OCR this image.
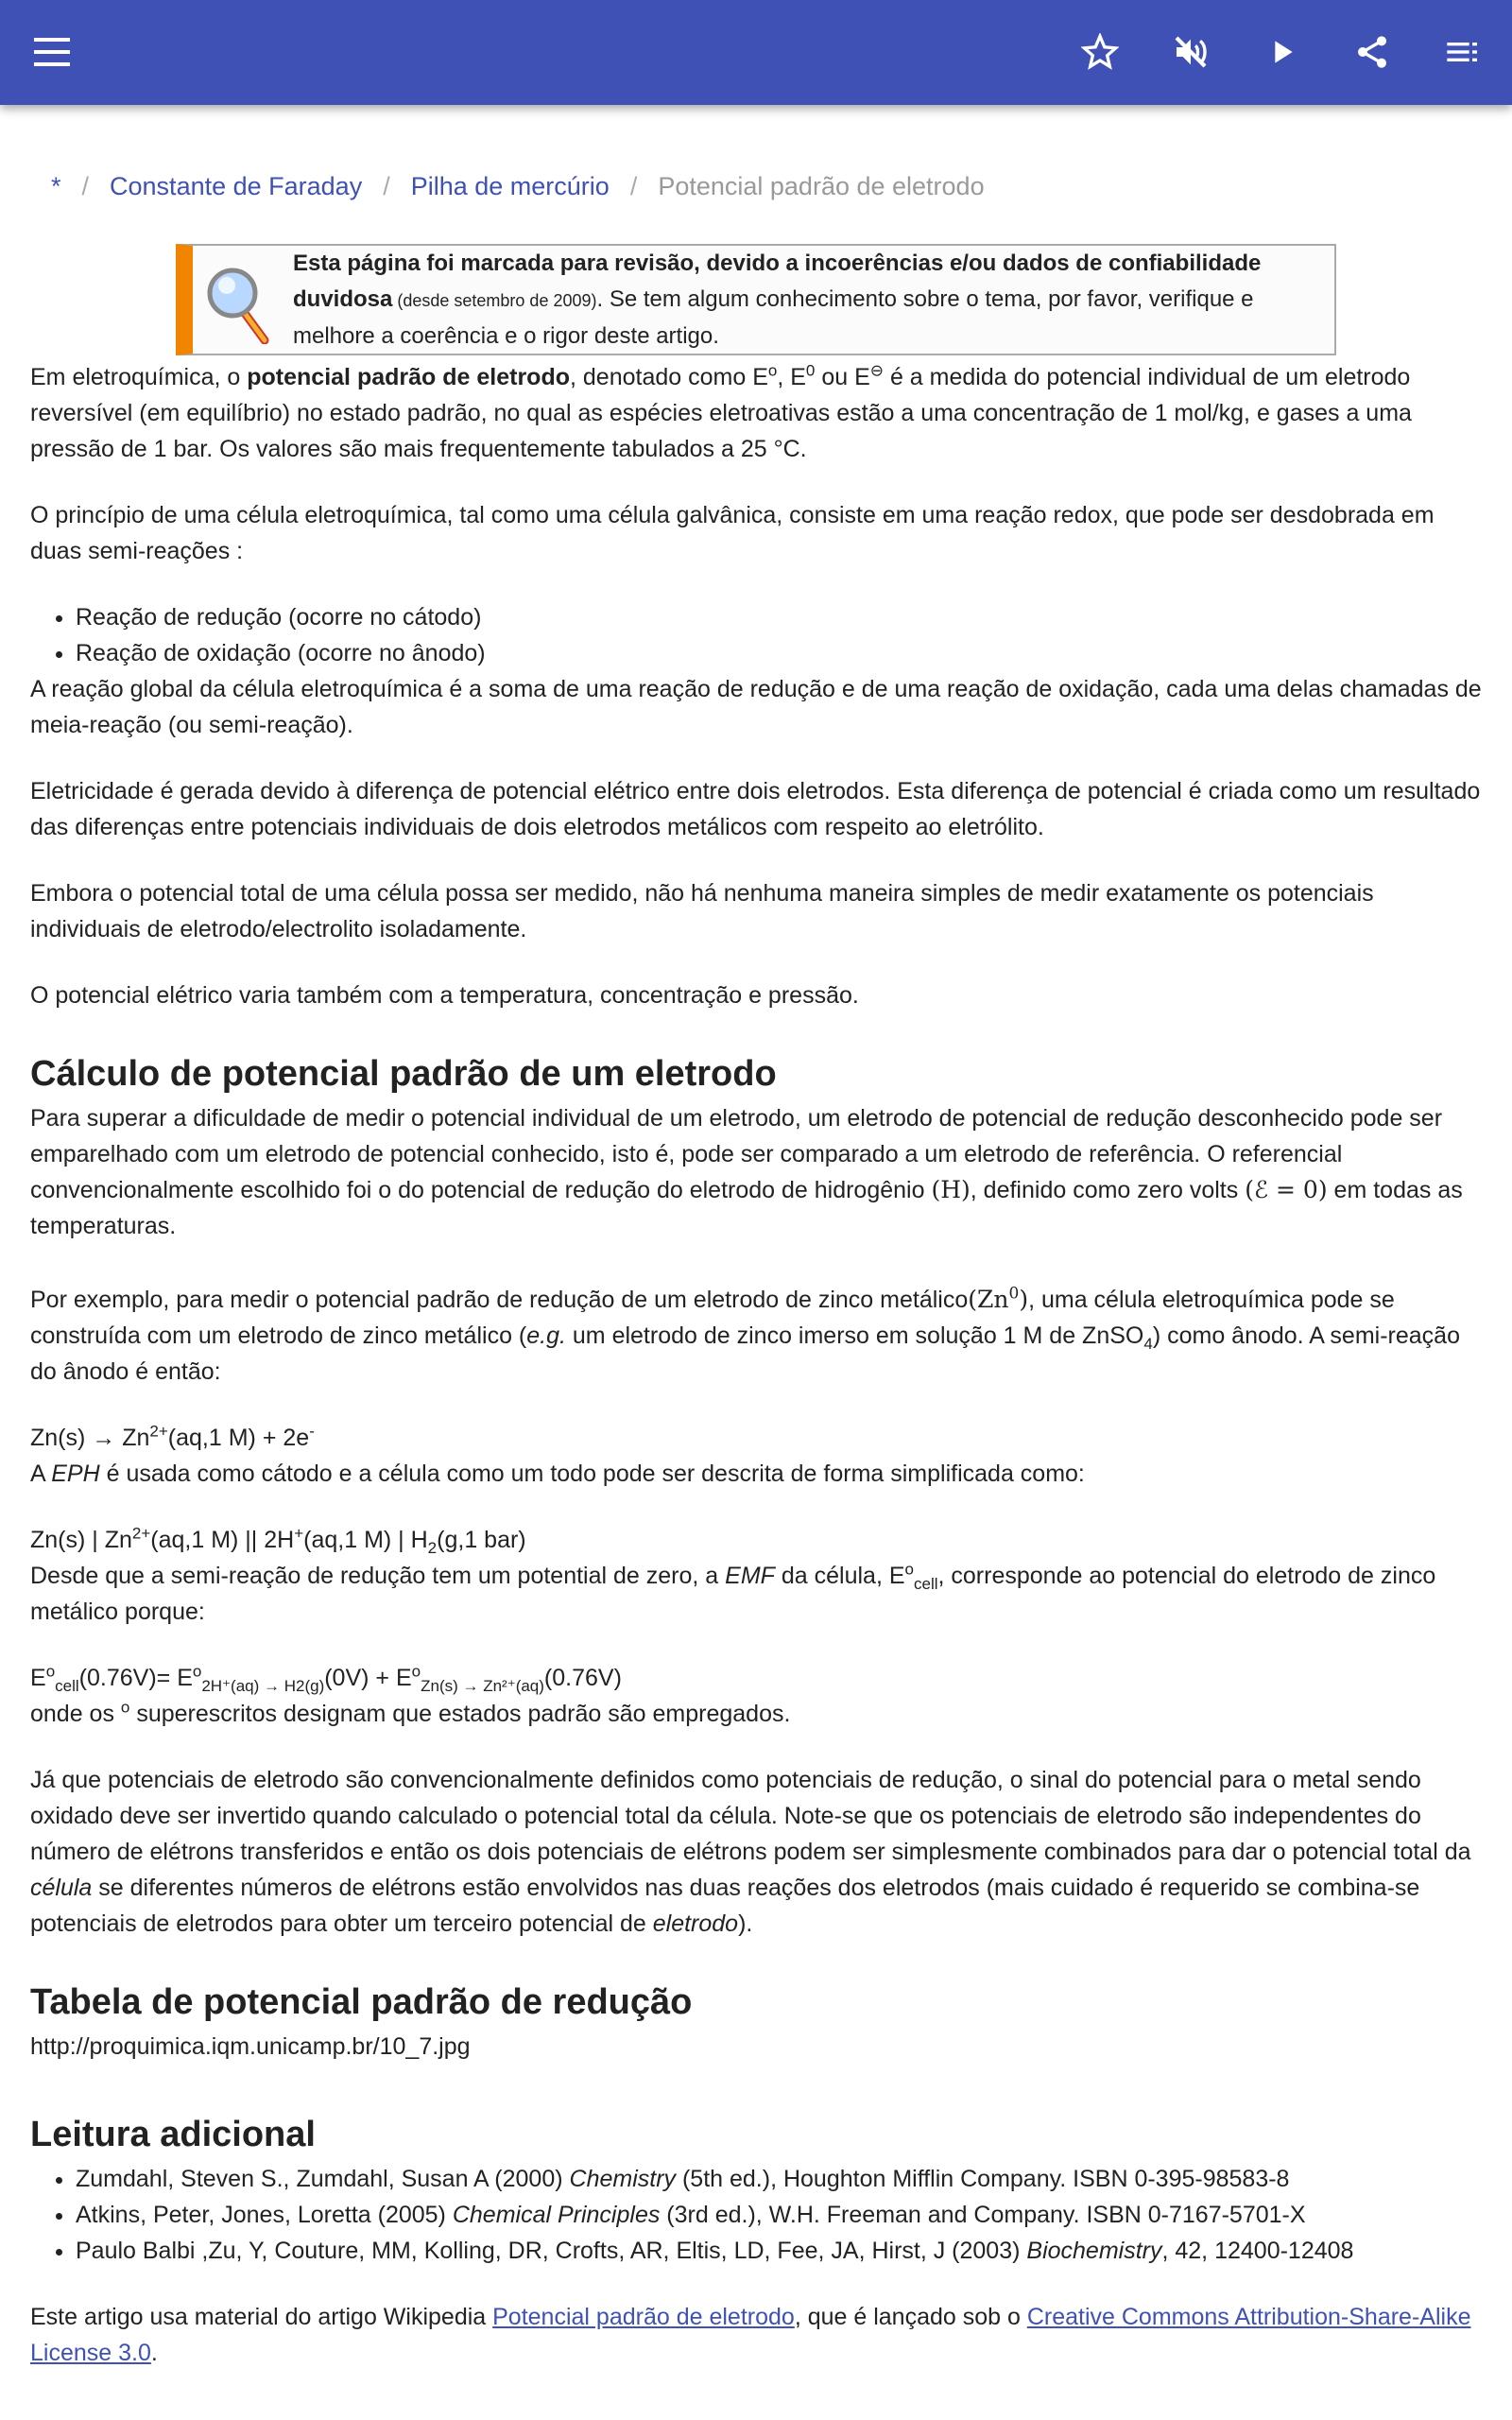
* / Constante de Faraday / Pilha de mercúrio / Potencial padrão de eletrodo
Esta página foi marcada para revisão, devido a incoerências e/ou dados de confiabilidade duvidosa (desde setembro de 2009). Se tem algum conhecimento sobre o tema, por favor, verifique e melhore a coerência e o rigor deste artigo.

Em eletroquímica, o potencial padrão de eletrodo, denotado como $E^o$, $E^0$ ou E⊖ é a medida do potencial individual de um eletrodo reversível (em equilíbrio) no estado padrão, no qual as espécies eletroativas estão a uma concentração de 1 mol/kg, e gases a uma pressão de 1 bar. Os valores são mais frequentemente tabulados a 25 °C.

O princípio de uma célula eletroquímica, tal como uma célula galvânica, consiste em uma reação redox, que pode ser desdobrada em duas semi-reações :

• Reação de redução (ocorre no cátodo)
• Reação de oxidação (ocorre no ânodo)

A reação global da célula eletroquímica é a soma de uma reação de redução e de uma reação de oxidação, cada uma delas chamadas de meia-reação (ou semi-reação).

Eletricidade é gerada devido à diferença de potencial elétrico entre dois eletrodos. Esta diferença de potencial é criada como um resultado das diferenças entre potenciais individuais de dois eletrodos metálicos com respeito ao eletrólito.

Embora o potencial total de uma célula possa ser medido, não há nenhuma maneira simples de medir exatamente os potenciais individuais de eletrodo/electrolito isoladamente.

O potencial elétrico varia também com a temperatura, concentração e pressão.

Cálculo de potencial padrão de um eletrodo

Para superar a dificuldade de medir o potencial individual de um eletrodo, um eletrodo de potencial de redução desconhecido pode ser emparelhado com um eletrodo de potencial conhecido, isto é, pode ser comparado a um eletrodo de referência. O referencial convencionalmente escolhido foi o do potencial de redução do eletrodo de hidrogênio (H), definido como zero volts (ℰ = 0) em todas as temperaturas.

Por exemplo, para medir o potencial padrão de redução de um eletrodo de zinco metálico(Zn$^0$), uma célula eletroquímica pode se construída com um eletrodo de zinco metálico (e.g. um eletrodo de zinco imerso em solução 1 M de ZnSO$_4$) como ânodo. A semi-reação do ânodo é então:

$Zn(s) \to Zn^{2+}(aq,1$ M) + 2e-

A EPH é usada como cátodo e a célula como um todo pode ser descrita de forma simplificada como:

Zn(s) | $Zn^{2+}(aq,1$ M) || 2H+(aq,1 M) | $H_2(g,1$ bar)

Desde que a semi-reação de redução tem um potential de zero, a EMF da célula, $E^o_{cell}$, corresponde ao potencial do eletrodo de zinco metálico porque:

$E^o_{cell}(0.76V)= E^o_{2H^+(aq) \to H2(g)}(0V) + E^o_{Zn(s) \to Zn^{2+}(aq)}(0.76V)$

onde os $^o$ superescritos designam que estados padrão são empregados.

Já que potenciais de eletrodo são convencionalmente definidos como potenciais de redução, o sinal do potencial para o metal sendo oxidado deve ser invertido quando calculado o potencial total da célula. Note-se que os potenciais de eletrodo são independentes do número de elétrons transferidos e então os dois potenciais de elétrons podem ser simplesmente combinados para dar o potencial total da célula se diferentes números de elétrons estão envolvidos nas duas reações dos eletrodos (mais cuidado é requerido se combina-se potenciais de eletrodos para obter um terceiro potencial de eletrodo).

Tabela de potencial padrão de redução
http://proquimica.iqm.unicamp.br/10_7.jpg
Leitura adicional
• Zumdahl, Steven S., Zumdahl, Susan A (2000) Chemistry (5th ed.), Houghton Mifflin Company. ISBN 0-395-98583-8
• Atkins, Peter, Jones, Loretta (2005) Chemical Principles (3rd ed.), W.H. Freeman and Company. ISBN 0-7167-5701-X
• Paulo Balbi ,Zu, Y, Couture, MM, Kolling, DR, Crofts, AR, Eltis, LD, Fee, JA, Hirst, J (2003) Biochemistry, 42, 12400-12408

Este artigo usa material do artigo Wikipedia Potencial padrão de eletrodo, que é lançado sob o Creative Commons Attribution-Share-Alike License 3.0.
